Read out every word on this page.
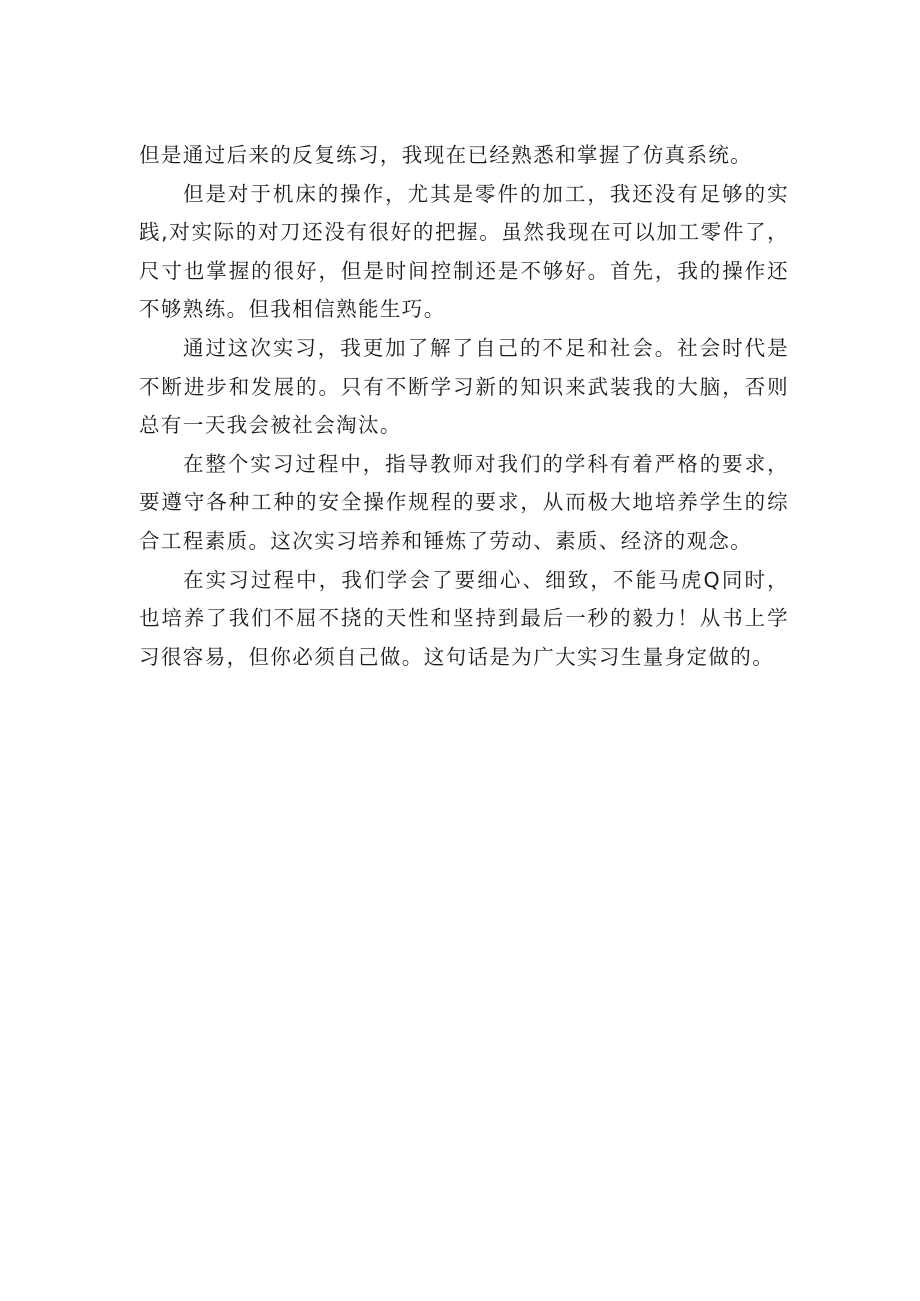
但是通过后来的反复练习，我现在已经熟悉和掌握了仿真系统。

但是对于机床的操作，尤其是零件的加工，我还没有足够的实践,对实际的对刀还没有很好的把握。虽然我现在可以加工零件了，尺寸也掌握的很好，但是时间控制还是不够好。首先，我的操作还不够熟练。但我相信熟能生巧。

通过这次实习，我更加了解了自己的不足和社会。社会时代是不断进步和发展的。只有不断学习新的知识来武装我的大脑，否则总有一天我会被社会淘汰。

在整个实习过程中，指导教师对我们的学科有着严格的要求，要遵守各种工种的安全操作规程的要求，从而极大地培养学生的综合工程素质。这次实习培养和锤炼了劳动、素质、经济的观念。

在实习过程中，我们学会了要细心、细致，不能马虎Q同时，也培养了我们不屈不挠的天性和坚持到最后一秒的毅力！从书上学习很容易，但你必须自己做。这句话是为广大实习生量身定做的。
